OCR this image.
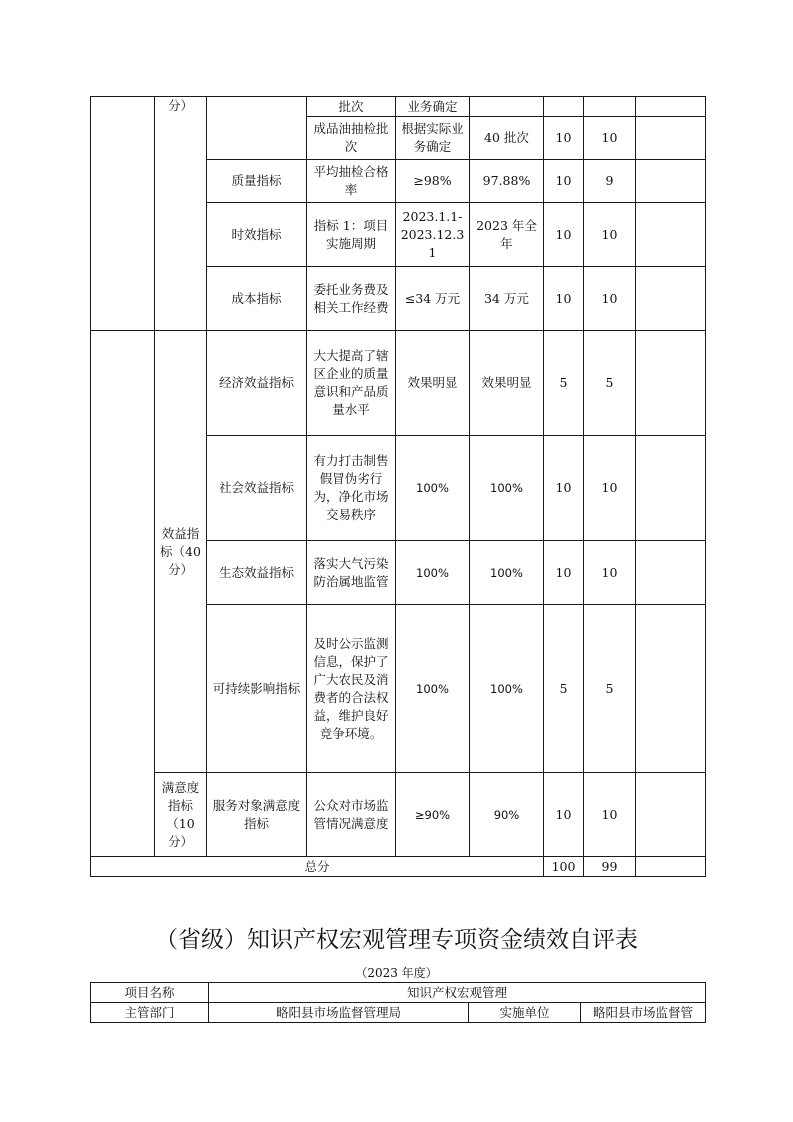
	分）		批次	业务确定				
			成品油抽检批次	根据实际业务确定	40 批次	10	10	
		质量指标	平均抽检合格率	≥98%	97.88%	10	9	
		时效指标	指标 1：项目实施周期	2023.1.1-2023.12.31	2023 年全年	10	10	
		成本指标	委托业务费及相关工作经费	≤34 万元	34 万元	10	10	
	效益指标（40 分）	经济效益指标	大大提高了辖区企业的质量意识和产品质量水平	效果明显	效果明显	5	5	
		社会效益指标	有力打击制售假冒伪劣行为，净化市场交易秩序	100%	100%	10	10	
		生态效益指标	落实大气污染防治属地监管	100%	100%	10	10	
		可持续影响指标	及时公示监测信息，保护了广大农民及消费者的合法权益，维护良好竞争环境。	100%	100%	5	5	
	满意度指标（10 分）	服务对象满意度指标	公众对市场监管情况满意度	≥90%	90%	10	10	
总分						100	99	
（省级）知识产权宏观管理专项资金绩效自评表
（2023 年度）
项目名称	知识产权宏观管理		
主管部门	略阳县市场监督管理局	实施单位	略阳县市场监督管
